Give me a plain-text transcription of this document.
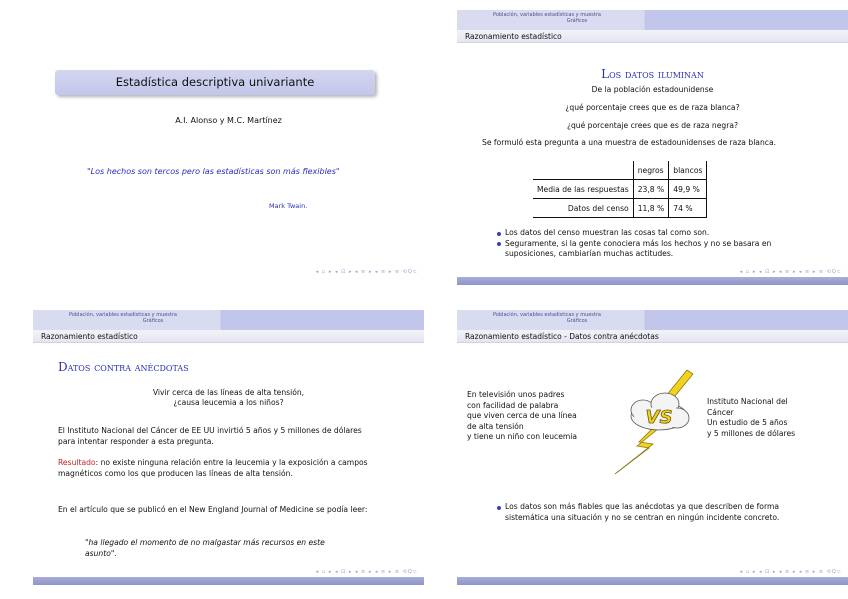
Estadística descriptiva univariante
A.I. Alonso y M.C. Martínez
"Los hechos son tercos pero las estadísticas son más flexibles"
Mark Twain.
◂ ▫ ▸ ◂ ⊡ ▸ ◂ ≡ ▸ ◂ ≡ ▸ ≡ ⟲Q⊂
Población, variables estadísticas y muestra
Gráficos
Razonamiento estadístico
Los datos iluminan
De la población estadounidense
¿qué porcentaje crees que es de raza blanca?
¿qué porcentaje crees que es de raza negra?
Se formuló esta pregunta a una muestra de estadounidenses de raza blanca.
	negros	blancos
Media de las respuestas	23,8 %	49,9 %
Datos del censo	11,8 %	74 %
Los datos del censo muestran las cosas tal como son.
Seguramente, si la gente conociera más los hechos y no se basara en suposiciones, cambiarían muchas actitudes.
◂ ▫ ▸ ◂ ⊡ ▸ ◂ ≡ ▸ ◂ ≡ ▸ ≡ ⟲Q⊂
Población, variables estadísticas y muestra
Gráficos
Razonamiento estadístico
Datos contra anécdotas
Vivir cerca de las líneas de alta tensión,
¿causa leucemia a los niños?
El Instituto Nacional del Cáncer de EE UU invirtió 5 años y 5 millones de dólares para intentar responder a esta pregunta.
Resultado: no existe ninguna relación entre la leucemia y la exposición a campos magnéticos como los que producen las líneas de alta tensión.
En el artículo que se publicó en el New England Journal of Medicine se podía leer:
"ha llegado el momento de no malgastar más recursos en este asunto".
◂ ▫ ▸ ◂ ⊡ ▸ ◂ ≡ ▸ ◂ ≡ ▸ ≡ ⟲Q⊂
Población, variables estadísticas y muestra
Gráficos
Razonamiento estadístico - Datos contra anécdotas
En televisión unos padres
con facilidad de palabra
que viven cerca de una línea
de alta tensión
y tiene un niño con leucemia
VS
Instituto Nacional del
Cáncer
Un estudio de 5 años
y 5 millones de dólares
Los datos son más fiables que las anécdotas ya que describen de forma sistemática una situación y no se centran en ningún incidente concreto.
◂ ▫ ▸ ◂ ⊡ ▸ ◂ ≡ ▸ ◂ ≡ ▸ ≡ ⟲Q⊂
